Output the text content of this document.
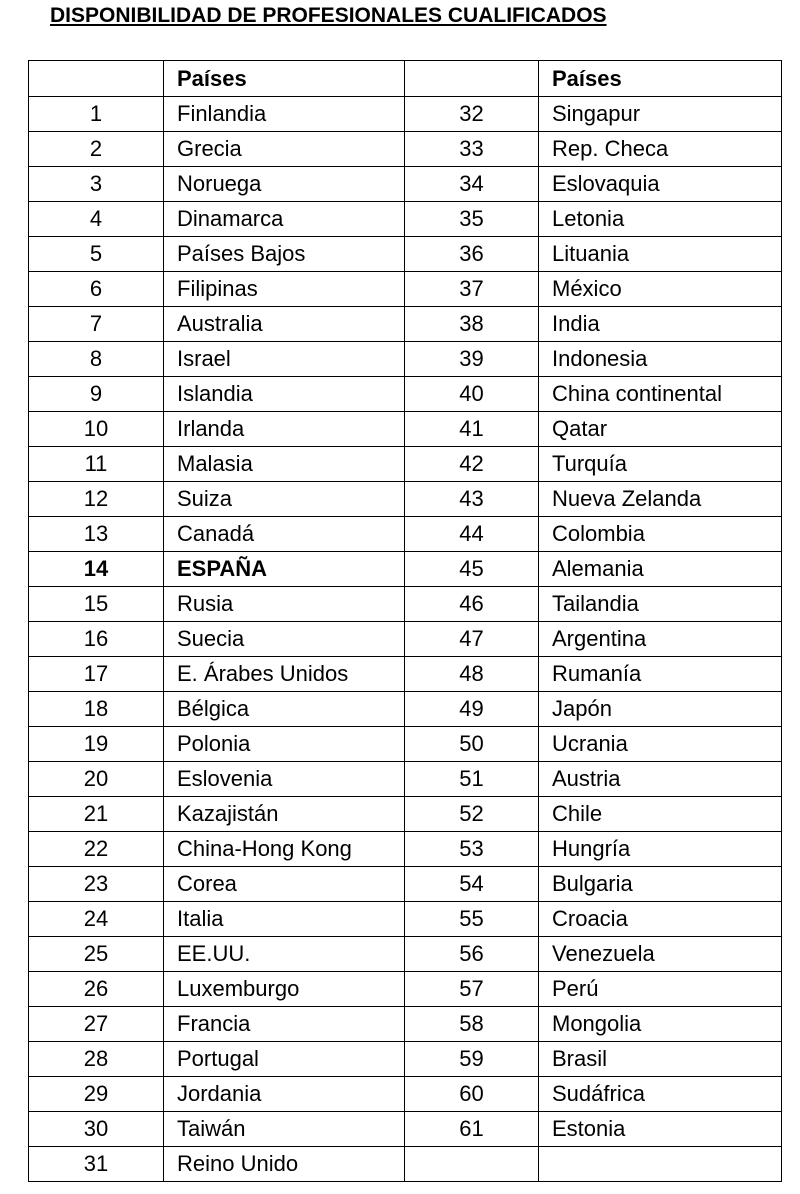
DISPONIBILIDAD DE PROFESIONALES CUALIFICADOS
	Países		Países
1	Finlandia	32	Singapur
2	Grecia	33	Rep. Checa
3	Noruega	34	Eslovaquia
4	Dinamarca	35	Letonia
5	Países Bajos	36	Lituania
6	Filipinas	37	México
7	Australia	38	India
8	Israel	39	Indonesia
9	Islandia	40	China continental
10	Irlanda	41	Qatar
11	Malasia	42	Turquía
12	Suiza	43	Nueva Zelanda
13	Canadá	44	Colombia
14	ESPAÑA	45	Alemania
15	Rusia	46	Tailandia
16	Suecia	47	Argentina
17	E. Árabes Unidos	48	Rumanía
18	Bélgica	49	Japón
19	Polonia	50	Ucrania
20	Eslovenia	51	Austria
21	Kazajistán	52	Chile
22	China-Hong Kong	53	Hungría
23	Corea	54	Bulgaria
24	Italia	55	Croacia
25	EE.UU.	56	Venezuela
26	Luxemburgo	57	Perú
27	Francia	58	Mongolia
28	Portugal	59	Brasil
29	Jordania	60	Sudáfrica
30	Taiwán	61	Estonia
31	Reino Unido		
